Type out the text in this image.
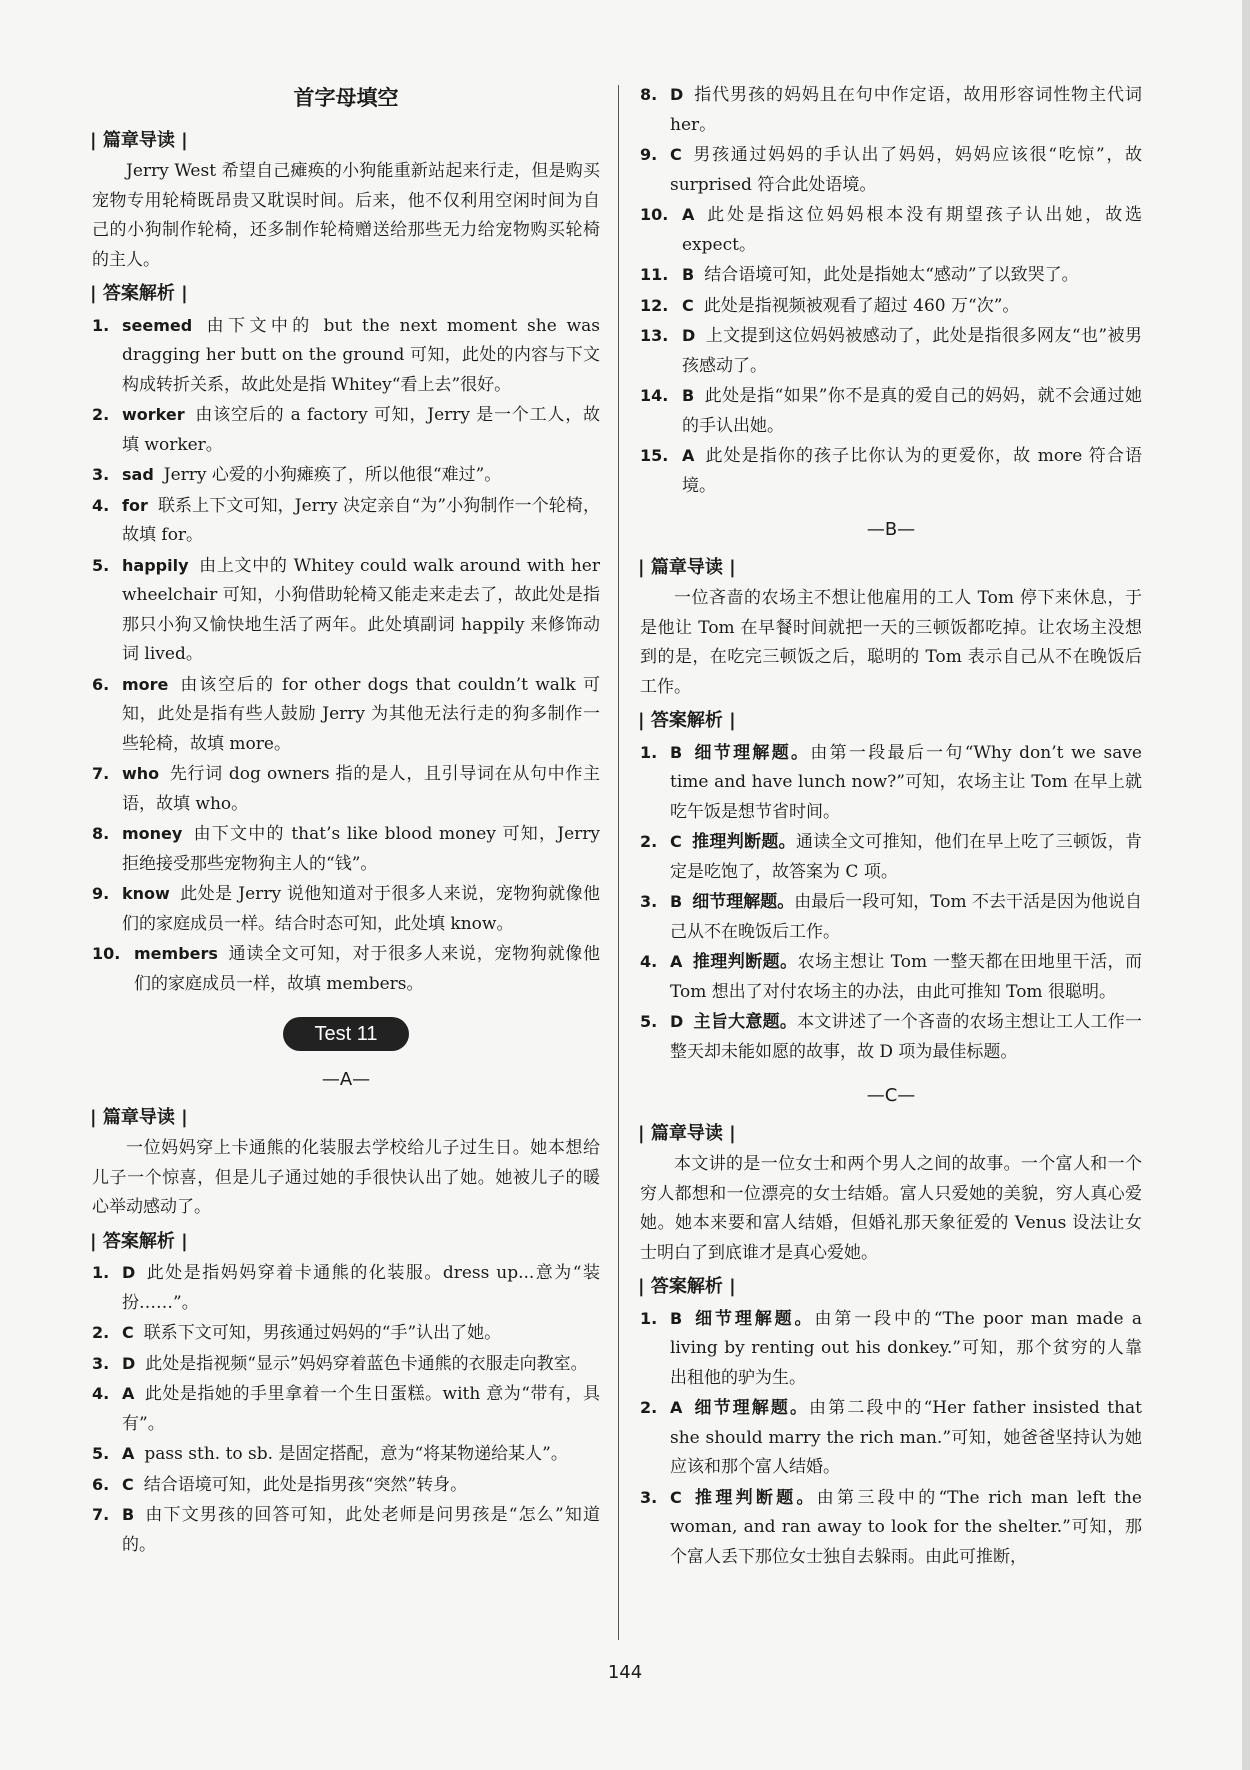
首字母填空
| 篇章导读 |

Jerry West 希望自己瘫痪的小狗能重新站起来行走，但是购买宠物专用轮椅既昂贵又耽误时间。后来，他不仅利用空闲时间为自己的小狗制作轮椅，还多制作轮椅赠送给那些无力给宠物购买轮椅的主人。

| 答案解析 |

1. seemed 由下文中的 but the next moment she was dragging her butt on the ground 可知，此处的内容与下文构成转折关系，故此处是指 Whitey“看上去”很好。

2. worker 由该空后的 a factory 可知，Jerry 是一个工人，故填 worker。

3. sad Jerry 心爱的小狗瘫痪了，所以他很“难过”。

4. for 联系上下文可知，Jerry 决定亲自“为”小狗制作一个轮椅，故填 for。

5. happily 由上文中的 Whitey could walk around with her wheelchair 可知，小狗借助轮椅又能走来走去了，故此处是指那只小狗又愉快地生活了两年。此处填副词 happily 来修饰动词 lived。

6. more 由该空后的 for other dogs that couldn’t walk 可知，此处是指有些人鼓励 Jerry 为其他无法行走的狗多制作一些轮椅，故填 more。

7. who 先行词 dog owners 指的是人，且引导词在从句中作主语，故填 who。

8. money 由下文中的 that’s like blood money 可知，Jerry 拒绝接受那些宠物狗主人的“钱”。

9. know 此处是 Jerry 说他知道对于很多人来说，宠物狗就像他们的家庭成员一样。结合时态可知，此处填 know。

10. members 通读全文可知，对于很多人来说，宠物狗就像他们的家庭成员一样，故填 members。

Test 11
—A—
| 篇章导读 |

一位妈妈穿上卡通熊的化装服去学校给儿子过生日。她本想给儿子一个惊喜，但是儿子通过她的手很快认出了她。她被儿子的暖心举动感动了。

| 答案解析 |

1. D 此处是指妈妈穿着卡通熊的化装服。dress up...意为“装扮……”。

2. C 联系下文可知，男孩通过妈妈的“手”认出了她。

3. D 此处是指视频“显示”妈妈穿着蓝色卡通熊的衣服走向教室。

4. A 此处是指她的手里拿着一个生日蛋糕。with 意为“带有，具有”。

5. A pass sth. to sb. 是固定搭配，意为“将某物递给某人”。

6. C 结合语境可知，此处是指男孩“突然”转身。

7. B 由下文男孩的回答可知，此处老师是问男孩是“怎么”知道的。

8. D 指代男孩的妈妈且在句中作定语，故用形容词性物主代词 her。

9. C 男孩通过妈妈的手认出了妈妈，妈妈应该很“吃惊”，故 surprised 符合此处语境。

10. A 此处是指这位妈妈根本没有期望孩子认出她，故选 expect。

11. B 结合语境可知，此处是指她太“感动”了以致哭了。

12. C 此处是指视频被观看了超过 460 万“次”。

13. D 上文提到这位妈妈被感动了，此处是指很多网友“也”被男孩感动了。

14. B 此处是指“如果”你不是真的爱自己的妈妈，就不会通过她的手认出她。

15. A 此处是指你的孩子比你认为的更爱你，故 more 符合语境。

—B—
| 篇章导读 |

一位吝啬的农场主不想让他雇用的工人 Tom 停下来休息，于是他让 Tom 在早餐时间就把一天的三顿饭都吃掉。让农场主没想到的是，在吃完三顿饭之后，聪明的 Tom 表示自己从不在晚饭后工作。

| 答案解析 |

1. B 细节理解题。由第一段最后一句“Why don’t we save time and have lunch now?”可知，农场主让 Tom 在早上就吃午饭是想节省时间。

2. C 推理判断题。通读全文可推知，他们在早上吃了三顿饭，肯定是吃饱了，故答案为 C 项。

3. B 细节理解题。由最后一段可知，Tom 不去干活是因为他说自己从不在晚饭后工作。

4. A 推理判断题。农场主想让 Tom 一整天都在田地里干活，而 Tom 想出了对付农场主的办法，由此可推知 Tom 很聪明。

5. D 主旨大意题。本文讲述了一个吝啬的农场主想让工人工作一整天却未能如愿的故事，故 D 项为最佳标题。

—C—
| 篇章导读 |

本文讲的是一位女士和两个男人之间的故事。一个富人和一个穷人都想和一位漂亮的女士结婚。富人只爱她的美貌，穷人真心爱她。她本来要和富人结婚，但婚礼那天象征爱的 Venus 设法让女士明白了到底谁才是真心爱她。

| 答案解析 |

1. B 细节理解题。由第一段中的“The poor man made a living by renting out his donkey.”可知，那个贫穷的人靠出租他的驴为生。

2. A 细节理解题。由第二段中的“Her father insisted that she should marry the rich man.”可知，她爸爸坚持认为她应该和那个富人结婚。

3. C 推理判断题。由第三段中的“The rich man left the woman, and ran away to look for the shelter.”可知，那个富人丢下那位女士独自去躲雨。由此可推断，

144
